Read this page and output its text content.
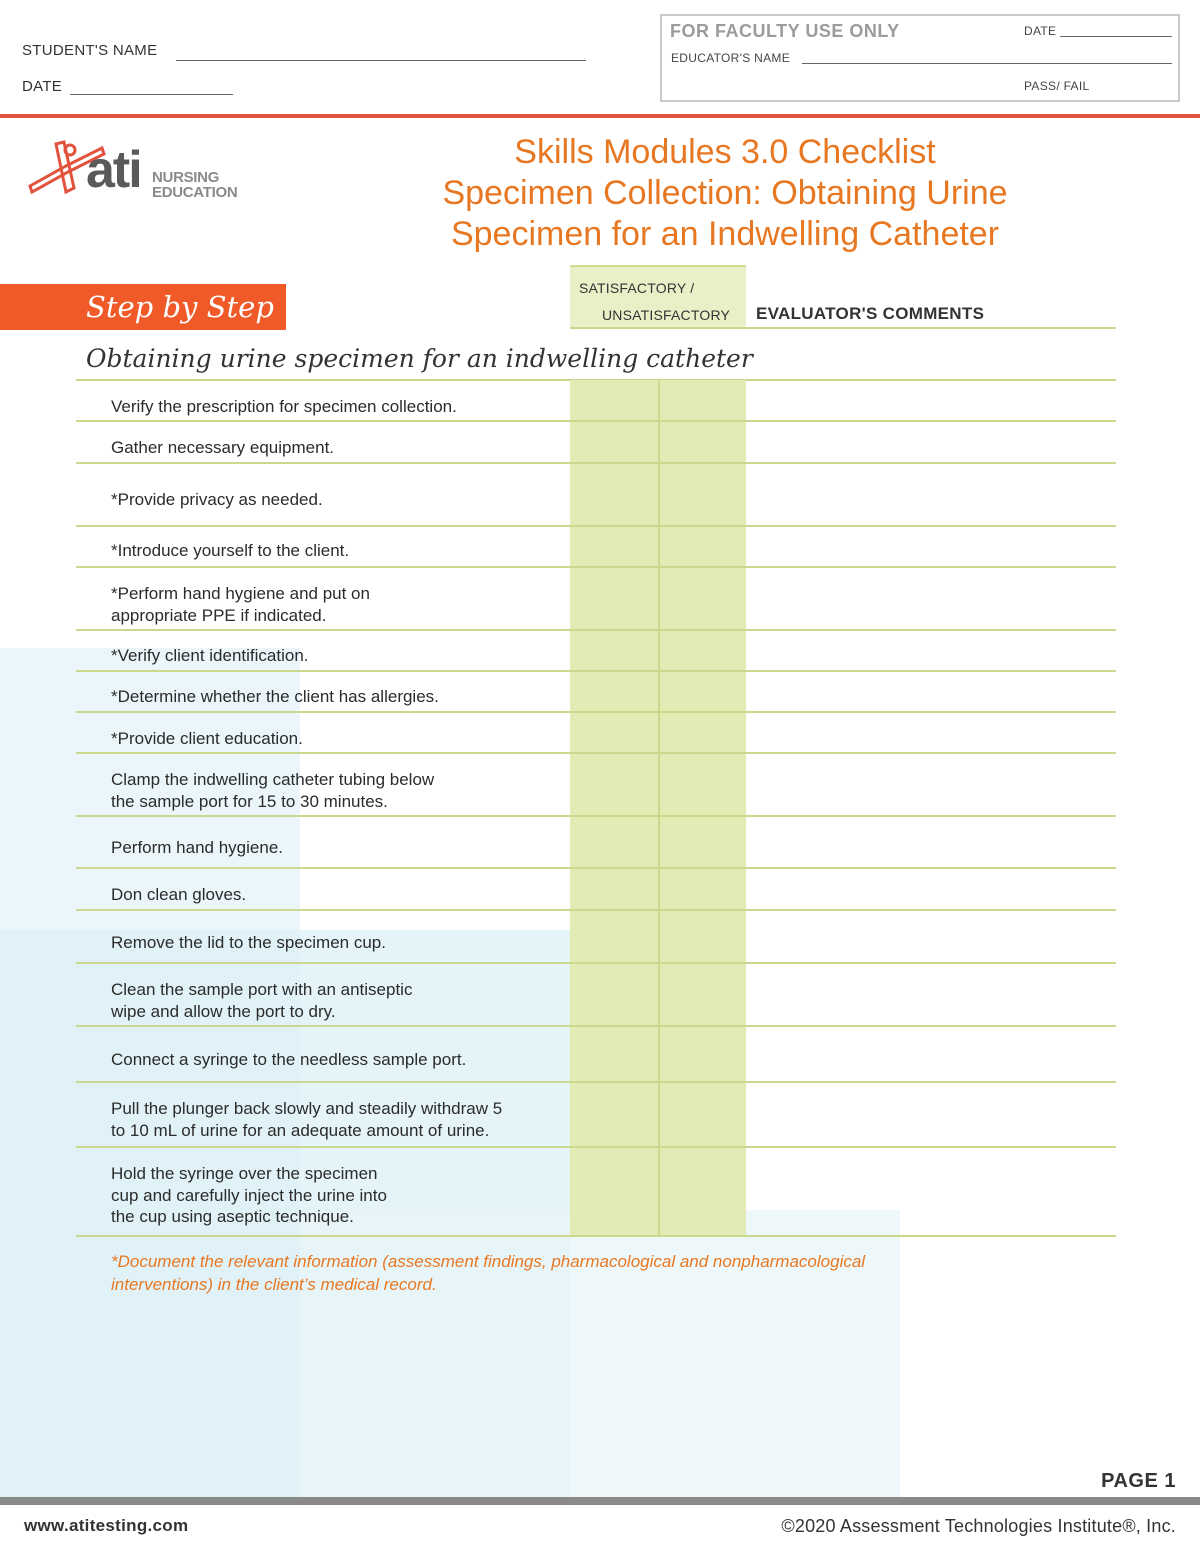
STUDENT'S NAME
DATE
FOR FACULTY USE ONLY	DATE
EDUCATOR'S NAME
PASS/ FAIL
ati NURSING
EDUCATION
Skills Modules 3.0 Checklist
Specimen Collection: Obtaining Urine
Specimen for an Indwelling Catheter
Step by Step
SATISFACTORY /
UNSATISFACTORY EVALUATOR'S COMMENTS
Obtaining urine specimen for an indwelling catheter
Verify the prescription for specimen collection.
Gather necessary equipment.
*Provide privacy as needed.
*Introduce yourself to the client.
*Perform hand hygiene and put on
appropriate PPE if indicated.
*Verify client identification.
*Determine whether the client has allergies.
*Provide client education.
Clamp the indwelling catheter tubing below
the sample port for 15 to 30 minutes.
Perform hand hygiene.
Don clean gloves.
Remove the lid to the specimen cup.
Clean the sample port with an antiseptic
wipe and allow the port to dry.
Connect a syringe to the needless sample port.
Pull the plunger back slowly and steadily withdraw 5
to 10 mL of urine for an adequate amount of urine.
Hold the syringe over the specimen
cup and carefully inject the urine into
the cup using aseptic technique.
*Document the relevant information (assessment findings, pharmacological and nonpharmacological interventions) in the client’s medical record.
PAGE 1
www.atitesting.com	©2020 Assessment Technologies Institute®, Inc.
